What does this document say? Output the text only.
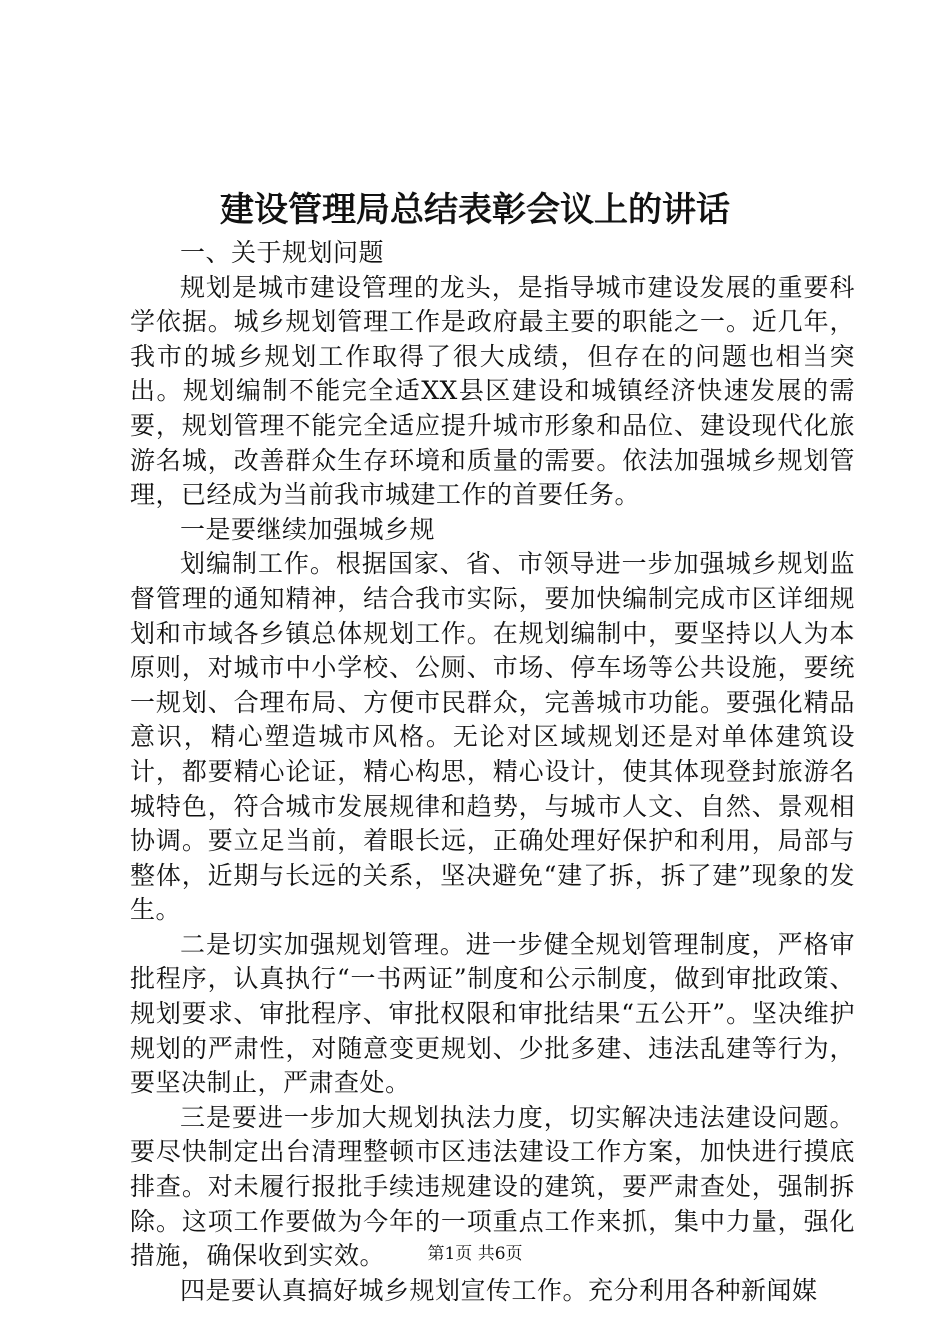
建设管理局总结表彰会议上的讲话

一、关于规划问题

规划是城市建设管理的龙头，是指导城市建设发展的重要科学依据。城乡规划管理工作是政府最主要的职能之一。近几年，我市的城乡规划工作取得了很大成绩，但存在的问题也相当突出。规划编制不能完全适XX县区建设和城镇经济快速发展的需要，规划管理不能完全适应提升城市形象和品位、建设现代化旅游名城，改善群众生存环境和质量的需要。依法加强城乡规划管理，已经成为当前我市城建工作的首要任务。

一是要继续加强城乡规

划编制工作。根据国家、省、市领导进一步加强城乡规划监督管理的通知精神，结合我市实际，要加快编制完成市区详细规划和市域各乡镇总体规划工作。在规划编制中，要坚持以人为本原则，对城市中小学校、公厕、市场、停车场等公共设施，要统一规划、合理布局、方便市民群众，完善城市功能。要强化精品意识，精心塑造城市风格。无论对区域规划还是对单体建筑设计，都要精心论证，精心构思，精心设计，使其体现登封旅游名城特色，符合城市发展规律和趋势，与城市人文、自然、景观相协调。要立足当前，着眼长远，正确处理好保护和利用，局部与整体，近期与长远的关系，坚决避免“建了拆，拆了建”现象的发生。

二是切实加强规划管理。进一步健全规划管理制度，严格审批程序，认真执行“一书两证”制度和公示制度，做到审批政策、规划要求、审批程序、审批权限和审批结果“五公开”。坚决维护规划的严肃性，对随意变更规划、少批多建、违法乱建等行为，要坚决制止，严肃查处。

三是要进一步加大规划执法力度，切实解决违法建设问题。要尽快制定出台清理整顿市区违法建设工作方案，加快进行摸底排查。对未履行报批手续违规建设的建筑，要严肃查处，强制拆除。这项工作要做为今年的一项重点工作来抓，集中力量，强化措施，确保收到实效。

四是要认真搞好城乡规划宣传工作。充分利用各种新闻媒

第1页 共6页
